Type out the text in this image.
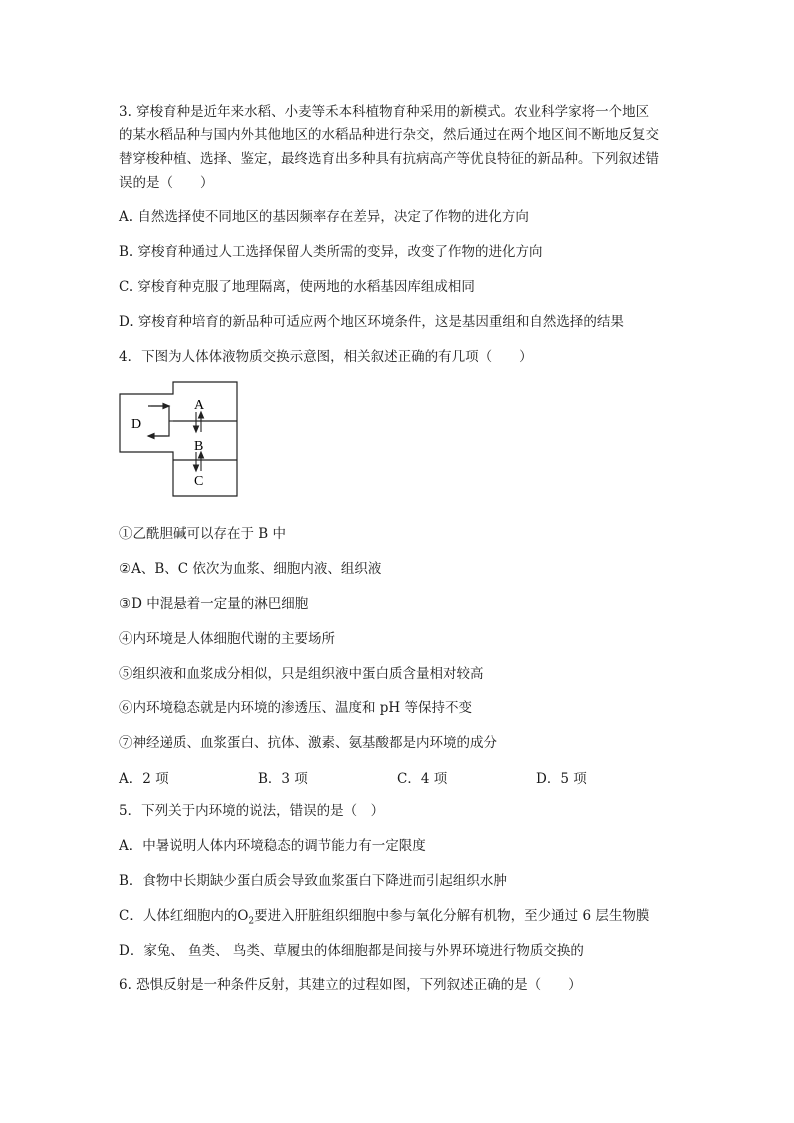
3. 穿梭育种是近年来水稻、小麦等禾本科植物育种采用的新模式。农业科学家将一个地区
的某水稻品种与国内外其他地区的水稻品种进行杂交，然后通过在两个地区间不断地反复交
替穿梭种植、选择、鉴定，最终选育出多种具有抗病高产等优良特征的新品种。下列叙述错
误的是（　　）
A. 自然选择使不同地区的基因频率存在差异，决定了作物的进化方向
B. 穿梭育种通过人工选择保留人类所需的变异，改变了作物的进化方向
C. 穿梭育种克服了地理隔离，使两地的水稻基因库组成相同
D. 穿梭育种培育的新品种可适应两个地区环境条件，这是基因重组和自然选择的结果
4．下图为人体体液物质交换示意图，相关叙述正确的有几项（　　）
D
A
B
C
①乙酰胆碱可以存在于 B 中
②A、B、C 依次为血浆、细胞内液、组织液
③D 中混悬着一定量的淋巴细胞
④内环境是人体细胞代谢的主要场所
⑤组织液和血浆成分相似，只是组织液中蛋白质含量相对较高
⑥内环境稳态就是内环境的渗透压、温度和 pH 等保持不变
⑦神经递质、血浆蛋白、抗体、激素、氨基酸都是内环境的成分
A．2 项	B．3 项	C．4 项	D．5 项
5．下列关于内环境的说法，错误的是（　）
A．中暑说明人体内环境稳态的调节能力有一定限度
B．食物中长期缺少蛋白质会导致血浆蛋白下降进而引起组织水肿
C．人体红细胞内的$O_2$要进入肝脏组织细胞中参与氧化分解有机物，至少通过 6 层生物膜
D．家兔、 鱼类、 鸟类、草履虫的体细胞都是间接与外界环境进行物质交换的
6. 恐惧反射是一种条件反射，其建立的过程如图，下列叙述正确的是（　　）
